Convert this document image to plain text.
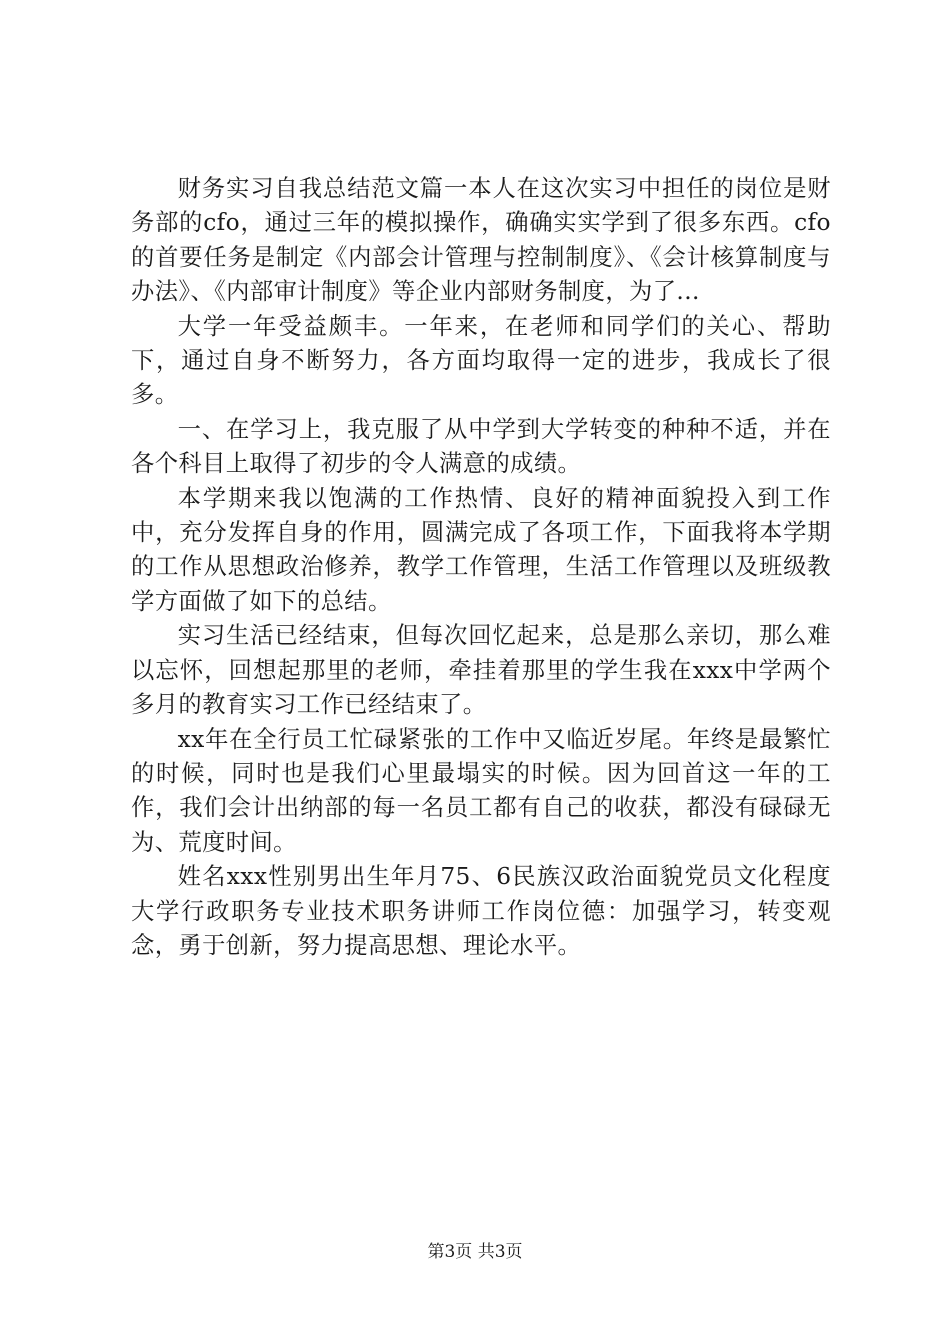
财务实习自我总结范文篇一本人在这次实习中担任的岗位是财务部的cfo，通过三年的模拟操作，确确实实学到了很多东西。cfo的首要任务是制定《内部会计管理与控制制度》、《会计核算制度与办法》、《内部审计制度》等企业内部财务制度，为了...

大学一年受益颇丰。一年来，在老师和同学们的关心、帮助下，通过自身不断努力，各方面均取得一定的进步，我成长了很多。

一、在学习上，我克服了从中学到大学转变的种种不适，并在各个科目上取得了初步的令人满意的成绩。

本学期来我以饱满的工作热情、良好的精神面貌投入到工作中，充分发挥自身的作用，圆满完成了各项工作，下面我将本学期的工作从思想政治修养，教学工作管理，生活工作管理以及班级教学方面做了如下的总结。

实习生活已经结束，但每次回忆起来，总是那么亲切，那么难以忘怀，回想起那里的老师，牵挂着那里的学生我在xxx中学两个多月的教育实习工作已经结束了。

xx年在全行员工忙碌紧张的工作中又临近岁尾。年终是最繁忙的时候，同时也是我们心里最塌实的时候。因为回首这一年的工作，我们会计出纳部的每一名员工都有自己的收获，都没有碌碌无为、荒度时间。

姓名xxx性别男出生年月75、6民族汉政治面貌党员文化程度大学行政职务专业技术职务讲师工作岗位德：加强学习，转变观念，勇于创新，努力提高思想、理论水平。

第3页 共3页
